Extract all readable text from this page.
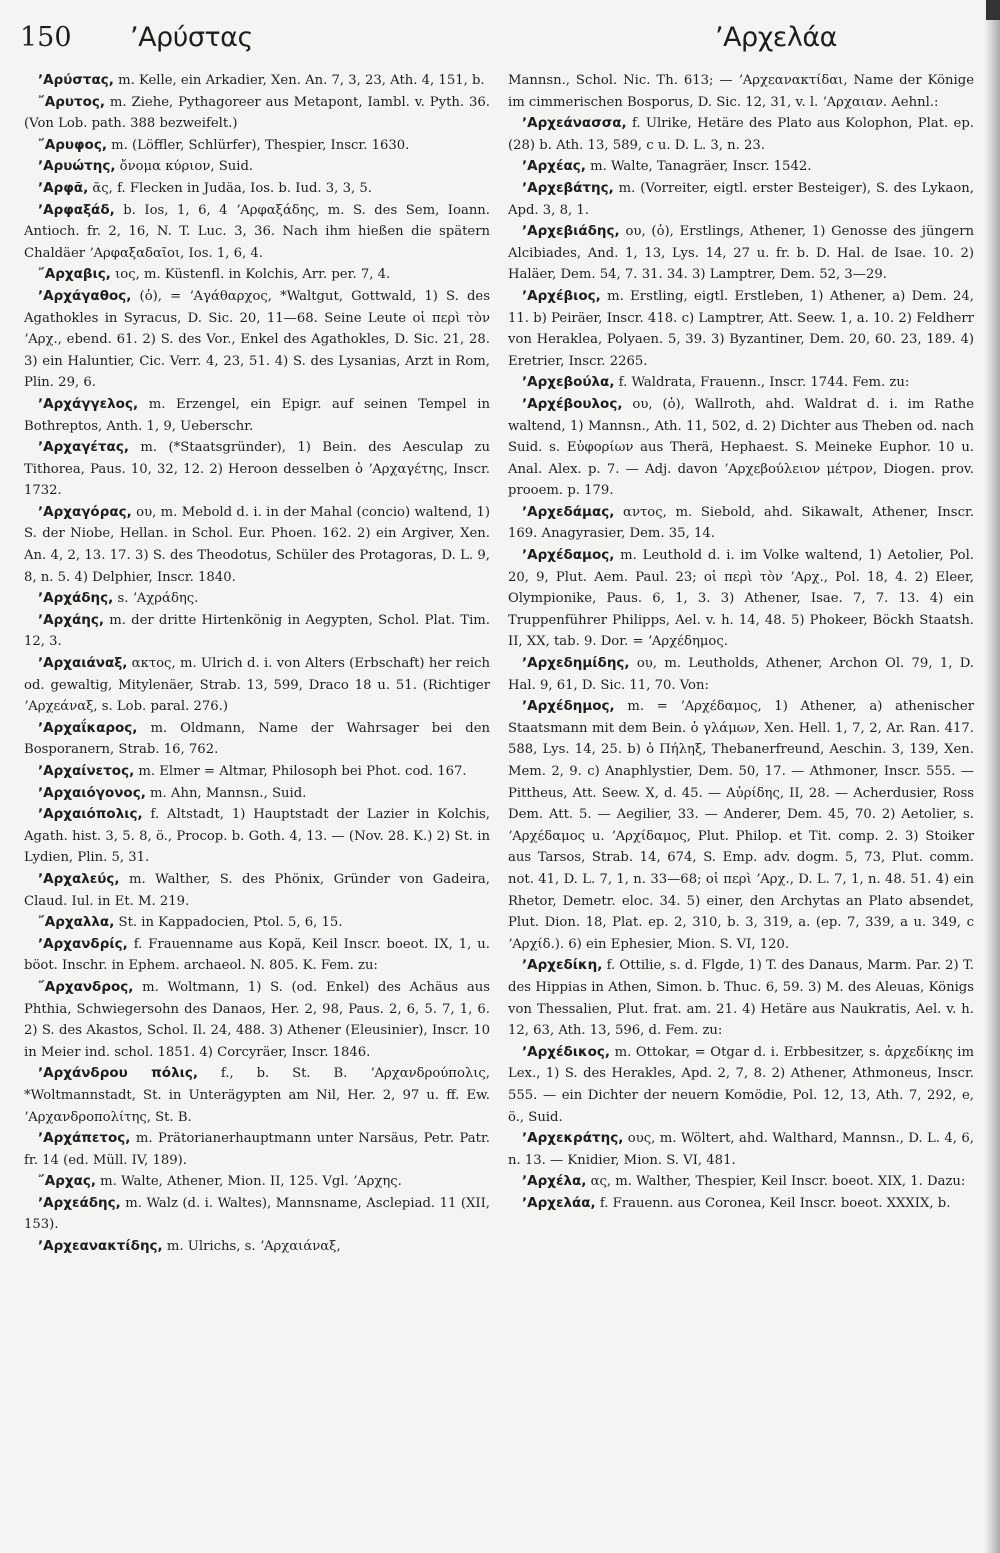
150 ʼΑρύστας	ʼΑρχελάα

ʼΑρύστας, m. Kelle, ein Arkadier, Xen. An. 7, 3, 23, Ath. 4, 151, b.

῎Αρυτος, m. Ziehe, Pythagoreer aus Metapont, Iambl. v. Pyth. 36. (Von Lob. path. 388 bezweifelt.)

῎Αρυφος, m. (Löffler, Schlürfer), Thespier, Inscr. 1630.

ʼΑρυώτης, ὄνομα κύριον, Suid.

ʼΑρφᾶ, ᾶς, f. Flecken in Judäa, Ios. b. Iud. 3, 3, 5.

ʼΑρφαξάδ, b. Ios, 1, 6, 4 ʼΑρφαξάδης, m. S. des Sem, Ioann. Antioch. fr. 2, 16, N. T. Luc. 3, 36. Nach ihm hießen die spätern Chaldäer ʼΑρφαξαδαῖοι, Ios. 1, 6, 4.

῎Αρχαβις, ιος, m. Küstenfl. in Kolchis, Arr. per. 7, 4.

ʼΑρχάγαθος, (ὁ), = ʼΑγάθαρχος, *Waltgut, Gottwald, 1) S. des Agathokles in Syracus, D. Sic. 20, 11—68. Seine Leute οἱ περὶ τὸν ʼΑρχ., ebend. 61. 2) S. des Vor., Enkel des Agathokles, D. Sic. 21, 28. 3) ein Haluntier, Cic. Verr. 4, 23, 51. 4) S. des Lysanias, Arzt in Rom, Plin. 29, 6.

ʼΑρχάγγελος, m. Erzengel, ein Epigr. auf seinen Tempel in Bothreptos, Anth. 1, 9, Ueberschr.

ʼΑρχαγέτας, m. (*Staatsgründer), 1) Bein. des Aesculap zu Tithorea, Paus. 10, 32, 12. 2) Heroon desselben ὁ ʼΑρχαγέτης, Inscr. 1732.

ʼΑρχαγόρας, ου, m. Mebold d. i. in der Mahal (concio) waltend, 1) S. der Niobe, Hellan. in Schol. Eur. Phoen. 162. 2) ein Argiver, Xen. An. 4, 2, 13. 17. 3) S. des Theodotus, Schüler des Protagoras, D. L. 9, 8, n. 5. 4) Delphier, Inscr. 1840.

ʼΑρχάδης, s. ʼΑχράδης.

ʼΑρχάης, m. der dritte Hirtenkönig in Aegypten, Schol. Plat. Tim. 12, 3.

ʼΑρχαιάναξ, ακτος, m. Ulrich d. i. von Alters (Erbschaft) her reich od. gewaltig, Mitylenäer, Strab. 13, 599, Draco 18 u. 51. (Richtiger ʼΑρχεάναξ, s. Lob. paral. 276.)

ʼΑρχαΐκαρος, m. Oldmann, Name der Wahrsager bei den Bosporanern, Strab. 16, 762.

ʼΑρχαίνετος, m. Elmer = Altmar, Philosoph bei Phot. cod. 167.

ʼΑρχαιόγονος, m. Ahn, Mannsn., Suid.

ʼΑρχαιόπολις, f. Altstadt, 1) Hauptstadt der Lazier in Kolchis, Agath. hist. 3, 5. 8, ö., Procop. b. Goth. 4, 13. — (Nov. 28. K.) 2) St. in Lydien, Plin. 5, 31.

ʼΑρχαλεύς, m. Walther, S. des Phönix, Gründer von Gadeira, Claud. Iul. in Et. M. 219.

῎Αρχαλλα, St. in Kappadocien, Ptol. 5, 6, 15.

ʼΑρχανδρίς, f. Frauenname aus Kopä, Keil Inscr. boeot. IX, 1, u. böot. Inschr. in Ephem. archaeol. N. 805. K. Fem. zu:

῎Αρχανδρος, m. Woltmann, 1) S. (od. Enkel) des Achäus aus Phthia, Schwiegersohn des Danaos, Her. 2, 98, Paus. 2, 6, 5. 7, 1, 6. 2) S. des Akastos, Schol. Il. 24, 488. 3) Athener (Eleusinier), Inscr. 10 in Meier ind. schol. 1851. 4) Corcyräer, Inscr. 1846.

ʼΑρχάνδρου πόλις, f., b. St. B. ʼΑρχανδρούπολις, *Woltmannstadt, St. in Unterägypten am Nil, Her. 2, 97 u. ff. Ew. ʼΑρχανδροπολίτης, St. B.

ʼΑρχάπετος, m. Prätorianerhauptmann unter Narsäus, Petr. Patr. fr. 14 (ed. Müll. IV, 189).

῎Αρχας, m. Walte, Athener, Mion. II, 125. Vgl. ʼΑρχης.

ʼΑρχεάδης, m. Walz (d. i. Waltes), Mannsname, Asclepiad. 11 (XII, 153).

ʼΑρχεανακτίδης, m. Ulrichs, s. ʼΑρχαιάναξ,

Mannsn., Schol. Nic. Th. 613; — ʼΑρχεανακτίδαι, Name der Könige im cimmerischen Bosporus, D. Sic. 12, 31, v. l. ʼΑρχαιαν. Aehnl.:

ʼΑρχεάνασσα, f. Ulrike, Hetäre des Plato aus Kolophon, Plat. ep. (28) b. Ath. 13, 589, c u. D. L. 3, n. 23.

ʼΑρχέας, m. Walte, Tanagräer, Inscr. 1542.

ʼΑρχεβάτης, m. (Vorreiter, eigtl. erster Besteiger), S. des Lykaon, Apd. 3, 8, 1.

ʼΑρχεβιάδης, ου, (ὁ), Erstlings, Athener, 1) Genosse des jüngern Alcibiades, And. 1, 13, Lys. 14, 27 u. fr. b. D. Hal. de Isae. 10. 2) Haläer, Dem. 54, 7. 31. 34. 3) Lamptrer, Dem. 52, 3—29.

ʼΑρχέβιος, m. Erstling, eigtl. Erstleben, 1) Athener, a) Dem. 24, 11. b) Peiräer, Inscr. 418. c) Lamptrer, Att. Seew. 1, a. 10. 2) Feldherr von Heraklea, Polyaen. 5, 39. 3) Byzantiner, Dem. 20, 60. 23, 189. 4) Eretrier, Inscr. 2265.

ʼΑρχεβούλα, f. Waldrata, Frauenn., Inscr. 1744. Fem. zu:

ʼΑρχέβουλος, ου, (ὁ), Wallroth, ahd. Waldrat d. i. im Rathe waltend, 1) Mannsn., Ath. 11, 502, d. 2) Dichter aus Theben od. nach Suid. s. Εὐφορίων aus Therä, Hephaest. S. Meineke Euphor. 10 u. Anal. Alex. p. 7. — Adj. davon ʼΑρχεβούλειον μέτρον, Diogen. prov. prooem. p. 179.

ʼΑρχεδάμας, αντος, m. Siebold, ahd. Sikawalt, Athener, Inscr. 169. Anagyrasier, Dem. 35, 14.

ʼΑρχέδαμος, m. Leuthold d. i. im Volke waltend, 1) Aetolier, Pol. 20, 9, Plut. Aem. Paul. 23; οἱ περὶ τὸν ʼΑρχ., Pol. 18, 4. 2) Eleer, Olympionike, Paus. 6, 1, 3. 3) Athener, Isae. 7, 7. 13. 4) ein Truppenführer Philipps, Ael. v. h. 14, 48. 5) Phokeer, Böckh Staatsh. II, XX, tab. 9. Dor. = ʼΑρχέδημος.

ʼΑρχεδημίδης, ου, m. Leutholds, Athener, Archon Ol. 79, 1, D. Hal. 9, 61, D. Sic. 11, 70. Von:

ʼΑρχέδημος, m. = ʼΑρχέδαμος, 1) Athener, a) athenischer Staatsmann mit dem Bein. ὁ γλάμων, Xen. Hell. 1, 7, 2, Ar. Ran. 417. 588, Lys. 14, 25. b) ὁ Πήληξ, Thebanerfreund, Aeschin. 3, 139, Xen. Mem. 2, 9. c) Anaphlystier, Dem. 50, 17. — Athmoner, Inscr. 555. — Pittheus, Att. Seew. X, d. 45. — Αὐρίδης, II, 28. — Acherdusier, Ross Dem. Att. 5. — Aegilier, 33. — Anderer, Dem. 45, 70. 2) Aetolier, s. ʼΑρχέδαμος u. ʼΑρχίδαμος, Plut. Philop. et Tit. comp. 2. 3) Stoiker aus Tarsos, Strab. 14, 674, S. Emp. adv. dogm. 5, 73, Plut. comm. not. 41, D. L. 7, 1, n. 33—68; οἱ περὶ ʼΑρχ., D. L. 7, 1, n. 48. 51. 4) ein Rhetor, Demetr. eloc. 34. 5) einer, den Archytas an Plato absendet, Plut. Dion. 18, Plat. ep. 2, 310, b. 3, 319, a. (ep. 7, 339, a u. 349, c ʼΑρχίδ.). 6) ein Ephesier, Mion. S. VI, 120.

ʼΑρχεδίκη, f. Ottilie, s. d. Flgde, 1) T. des Danaus, Marm. Par. 2) T. des Hippias in Athen, Simon. b. Thuc. 6, 59. 3) M. des Aleuas, Königs von Thessalien, Plut. frat. am. 21. 4) Hetäre aus Naukratis, Ael. v. h. 12, 63, Ath. 13, 596, d. Fem. zu:

ʼΑρχέδικος, m. Ottokar, = Otgar d. i. Erbbesitzer, s. ἀρχεδίκης im Lex., 1) S. des Herakles, Apd. 2, 7, 8. 2) Athener, Athmoneus, Inscr. 555. — ein Dichter der neuern Komödie, Pol. 12, 13, Ath. 7, 292, e, ö., Suid.

ʼΑρχεκράτης, ους, m. Wöltert, ahd. Walthard, Mannsn., D. L. 4, 6, n. 13. — Knidier, Mion. S. VI, 481.

ʼΑρχέλα, ας, m. Walther, Thespier, Keil Inscr. boeot. XIX, 1. Dazu:

ʼΑρχελάα, f. Frauenn. aus Coronea, Keil Inscr. boeot. XXXIX, b.
